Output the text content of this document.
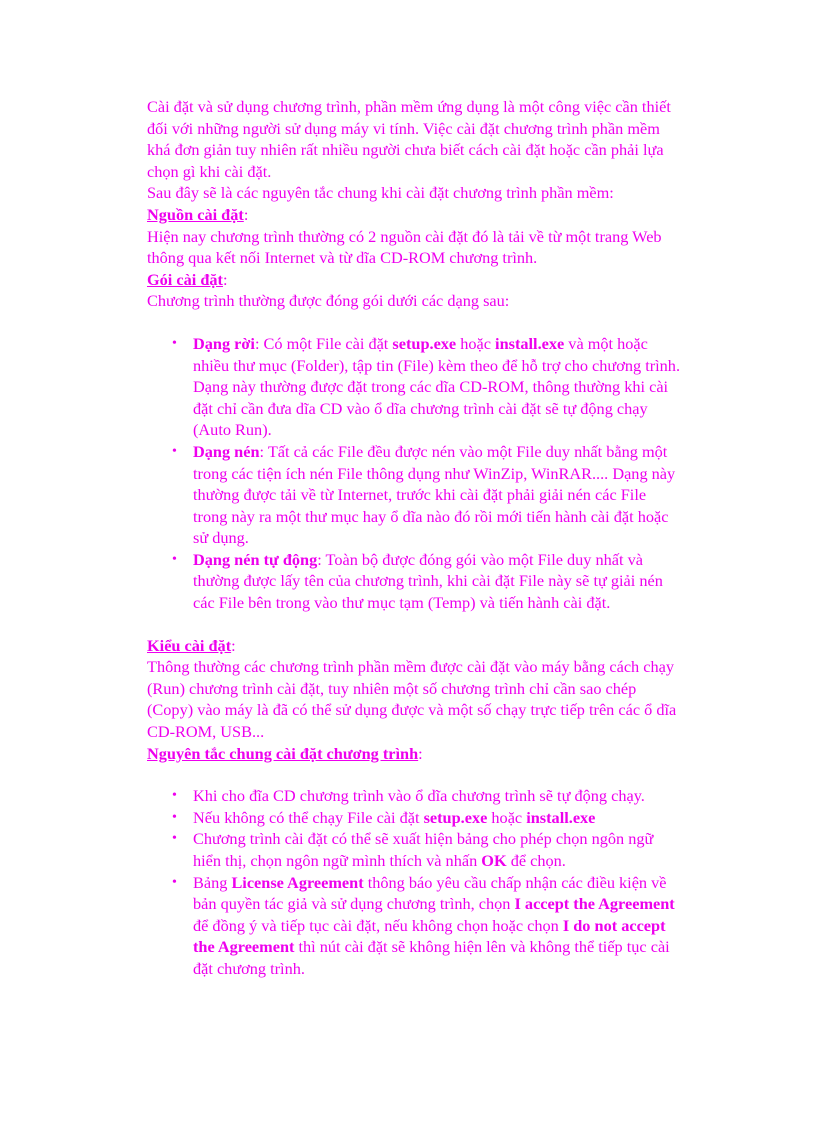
Cài đặt và sử dụng chương trình, phần mềm ứng dụng là một công việc cần thiết đối với những người sử dụng máy vi tính. Việc cài đặt chương trình phần mềm khá đơn giản tuy nhiên rất nhiều người chưa biết cách cài đặt hoặc cần phải lựa chọn gì khi cài đặt.

Sau đây sẽ là các nguyên tắc chung khi cài đặt chương trình phần mềm:

Nguồn cài đặt:

Hiện nay chương trình thường có 2 nguồn cài đặt đó là tải về từ một trang Web thông qua kết nối Internet và từ dĩa CD-ROM chương trình.

Gói cài đặt:

Chương trình thường được đóng gói dưới các dạng sau:

• Dạng rời: Có một File cài đặt setup.exe hoặc install.exe và một hoặc nhiều thư mục (Folder), tập tin (File) kèm theo để hỗ trợ cho chương trình. Dạng này thường được đặt trong các dĩa CD-ROM, thông thường khi cài đặt chỉ cần đưa dĩa CD vào ổ dĩa chương trình cài đặt sẽ tự động chạy (Auto Run).
• Dạng nén: Tất cả các File đều được nén vào một File duy nhất bằng một trong các tiện ích nén File thông dụng như WinZip, WinRAR.... Dạng này thường được tải về từ Internet, trước khi cài đặt phải giải nén các File trong này ra một thư mục hay ổ dĩa nào đó rồi mới tiến hành cài đặt hoặc sử dụng.
• Dạng nén tự động: Toàn bộ được đóng gói vào một File duy nhất và thường được lấy tên của chương trình, khi cài đặt File này sẽ tự giải nén các File bên trong vào thư mục tạm (Temp) và tiến hành cài đặt.

Kiểu cài đặt:

Thông thường các chương trình phần mềm được cài đặt vào máy bằng cách chạy (Run) chương trình cài đặt, tuy nhiên một số chương trình chỉ cần sao chép (Copy) vào máy là đã có thể sử dụng được và một số chạy trực tiếp trên các ổ dĩa CD-ROM, USB...

Nguyên tắc chung cài đặt chương trình:

• Khi cho đĩa CD chương trình vào ổ dĩa chương trình sẽ tự động chạy.
• Nếu không có thể chạy File cài đặt setup.exe hoặc install.exe
• Chương trình cài đặt có thể sẽ xuất hiện bảng cho phép chọn ngôn ngữ hiển thị, chọn ngôn ngữ mình thích và nhấn OK để chọn.
• Bảng License Agreement thông báo yêu cầu chấp nhận các điều kiện về bản quyền tác giả và sử dụng chương trình, chọn I accept the Agreement để đồng ý và tiếp tục cài đặt, nếu không chọn hoặc chọn I do not accept the Agreement thì nút cài đặt sẽ không hiện lên và không thể tiếp tục cài đặt chương trình.
